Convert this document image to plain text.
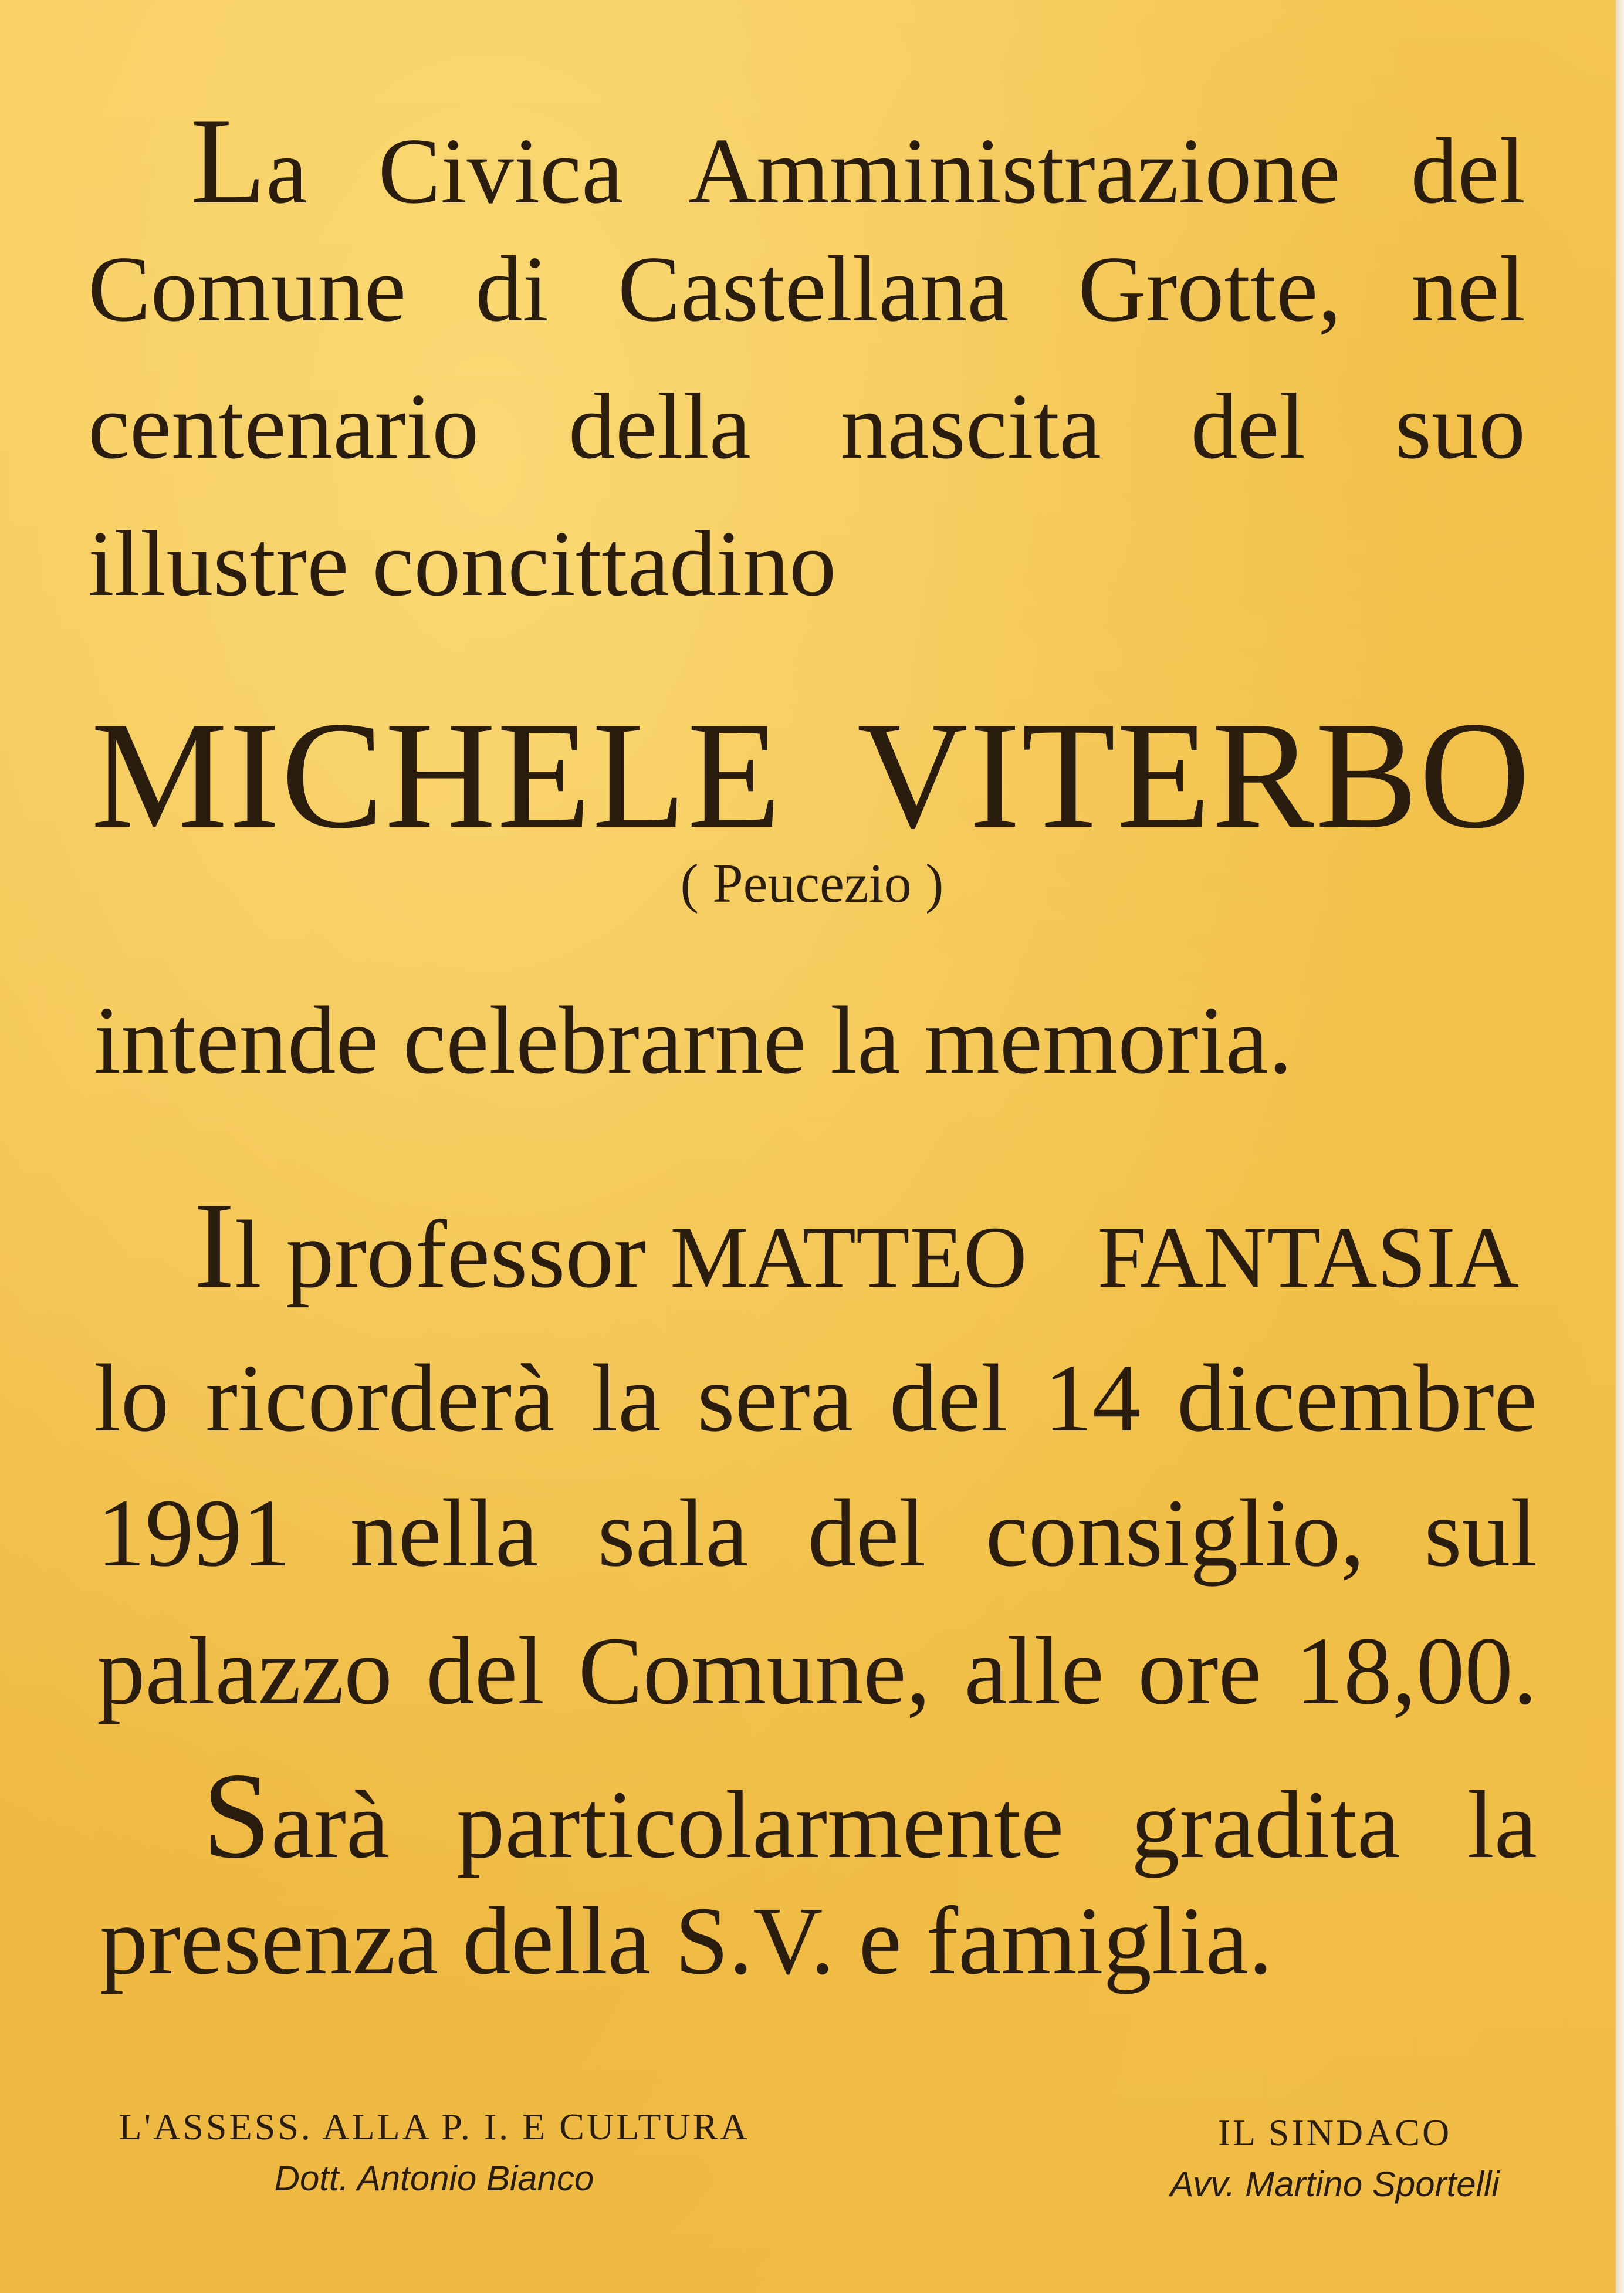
La Civica Amministrazione del

Comune di Castellana Grotte, nel

centenario della nascita del suo

illustre concittadino

MICHELE VITERBO

( Peucezio )

intende celebrarne la memoria.

Il professor MATTEO FANTASIA

lo ricorderà la sera del 14 dicembre

1991 nella sala del consiglio, sul

palazzo del Comune, alle ore 18,00.

Sarà particolarmente gradita la

presenza della S.V. e famiglia.

L'ASSESS. ALLA P. I. E CULTURA
Dott. Antonio Bianco
IL SINDACO
Avv. Martino Sportelli
